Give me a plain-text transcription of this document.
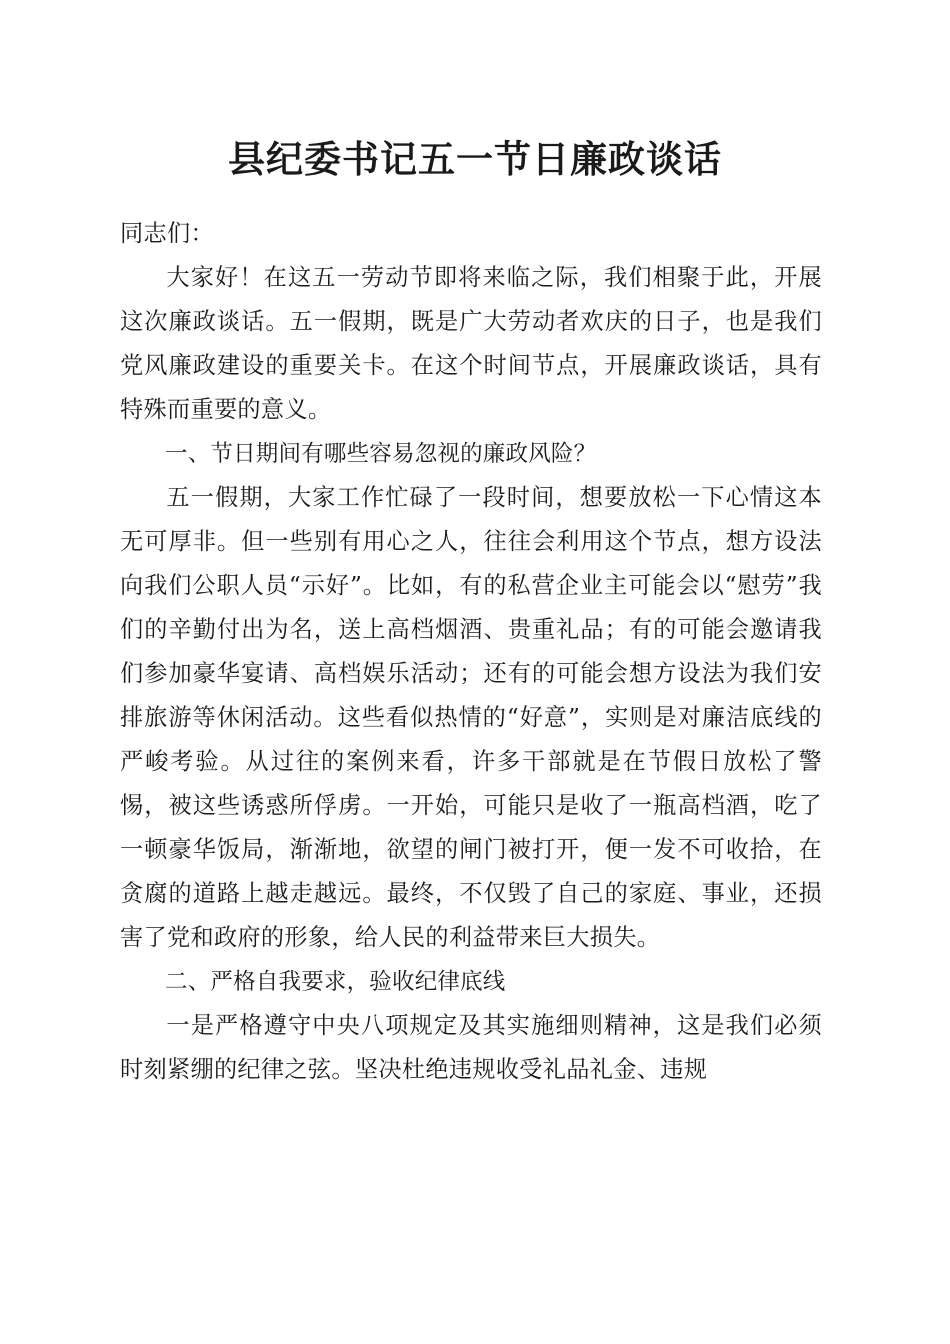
县纪委书记五一节日廉政谈话

同志们：

大家好！在这五一劳动节即将来临之际，我们相聚于此，开展这次廉政谈话。五一假期，既是广大劳动者欢庆的日子，也是我们党风廉政建设的重要关卡。在这个时间节点，开展廉政谈话，具有特殊而重要的意义。

一、节日期间有哪些容易忽视的廉政风险？

五一假期，大家工作忙碌了一段时间，想要放松一下心情这本无可厚非。但一些别有用心之人，往往会利用这个节点，想方设法向我们公职人员“示好”。比如，有的私营企业主可能会以“慰劳”我们的辛勤付出为名，送上高档烟酒、贵重礼品；有的可能会邀请我们参加豪华宴请、高档娱乐活动；还有的可能会想方设法为我们安排旅游等休闲活动。这些看似热情的“好意”，实则是对廉洁底线的严峻考验。从过往的案例来看，许多干部就是在节假日放松了警惕，被这些诱惑所俘虏。一开始，可能只是收了一瓶高档酒，吃了一顿豪华饭局，渐渐地，欲望的闸门被打开，便一发不可收拾，在贪腐的道路上越走越远。最终，不仅毁了自己的家庭、事业，还损害了党和政府的形象，给人民的利益带来巨大损失。

二、严格自我要求，验收纪律底线

一是严格遵守中央八项规定及其实施细则精神，这是我们必须时刻紧绷的纪律之弦。坚决杜绝违规收受礼品礼金、违规
